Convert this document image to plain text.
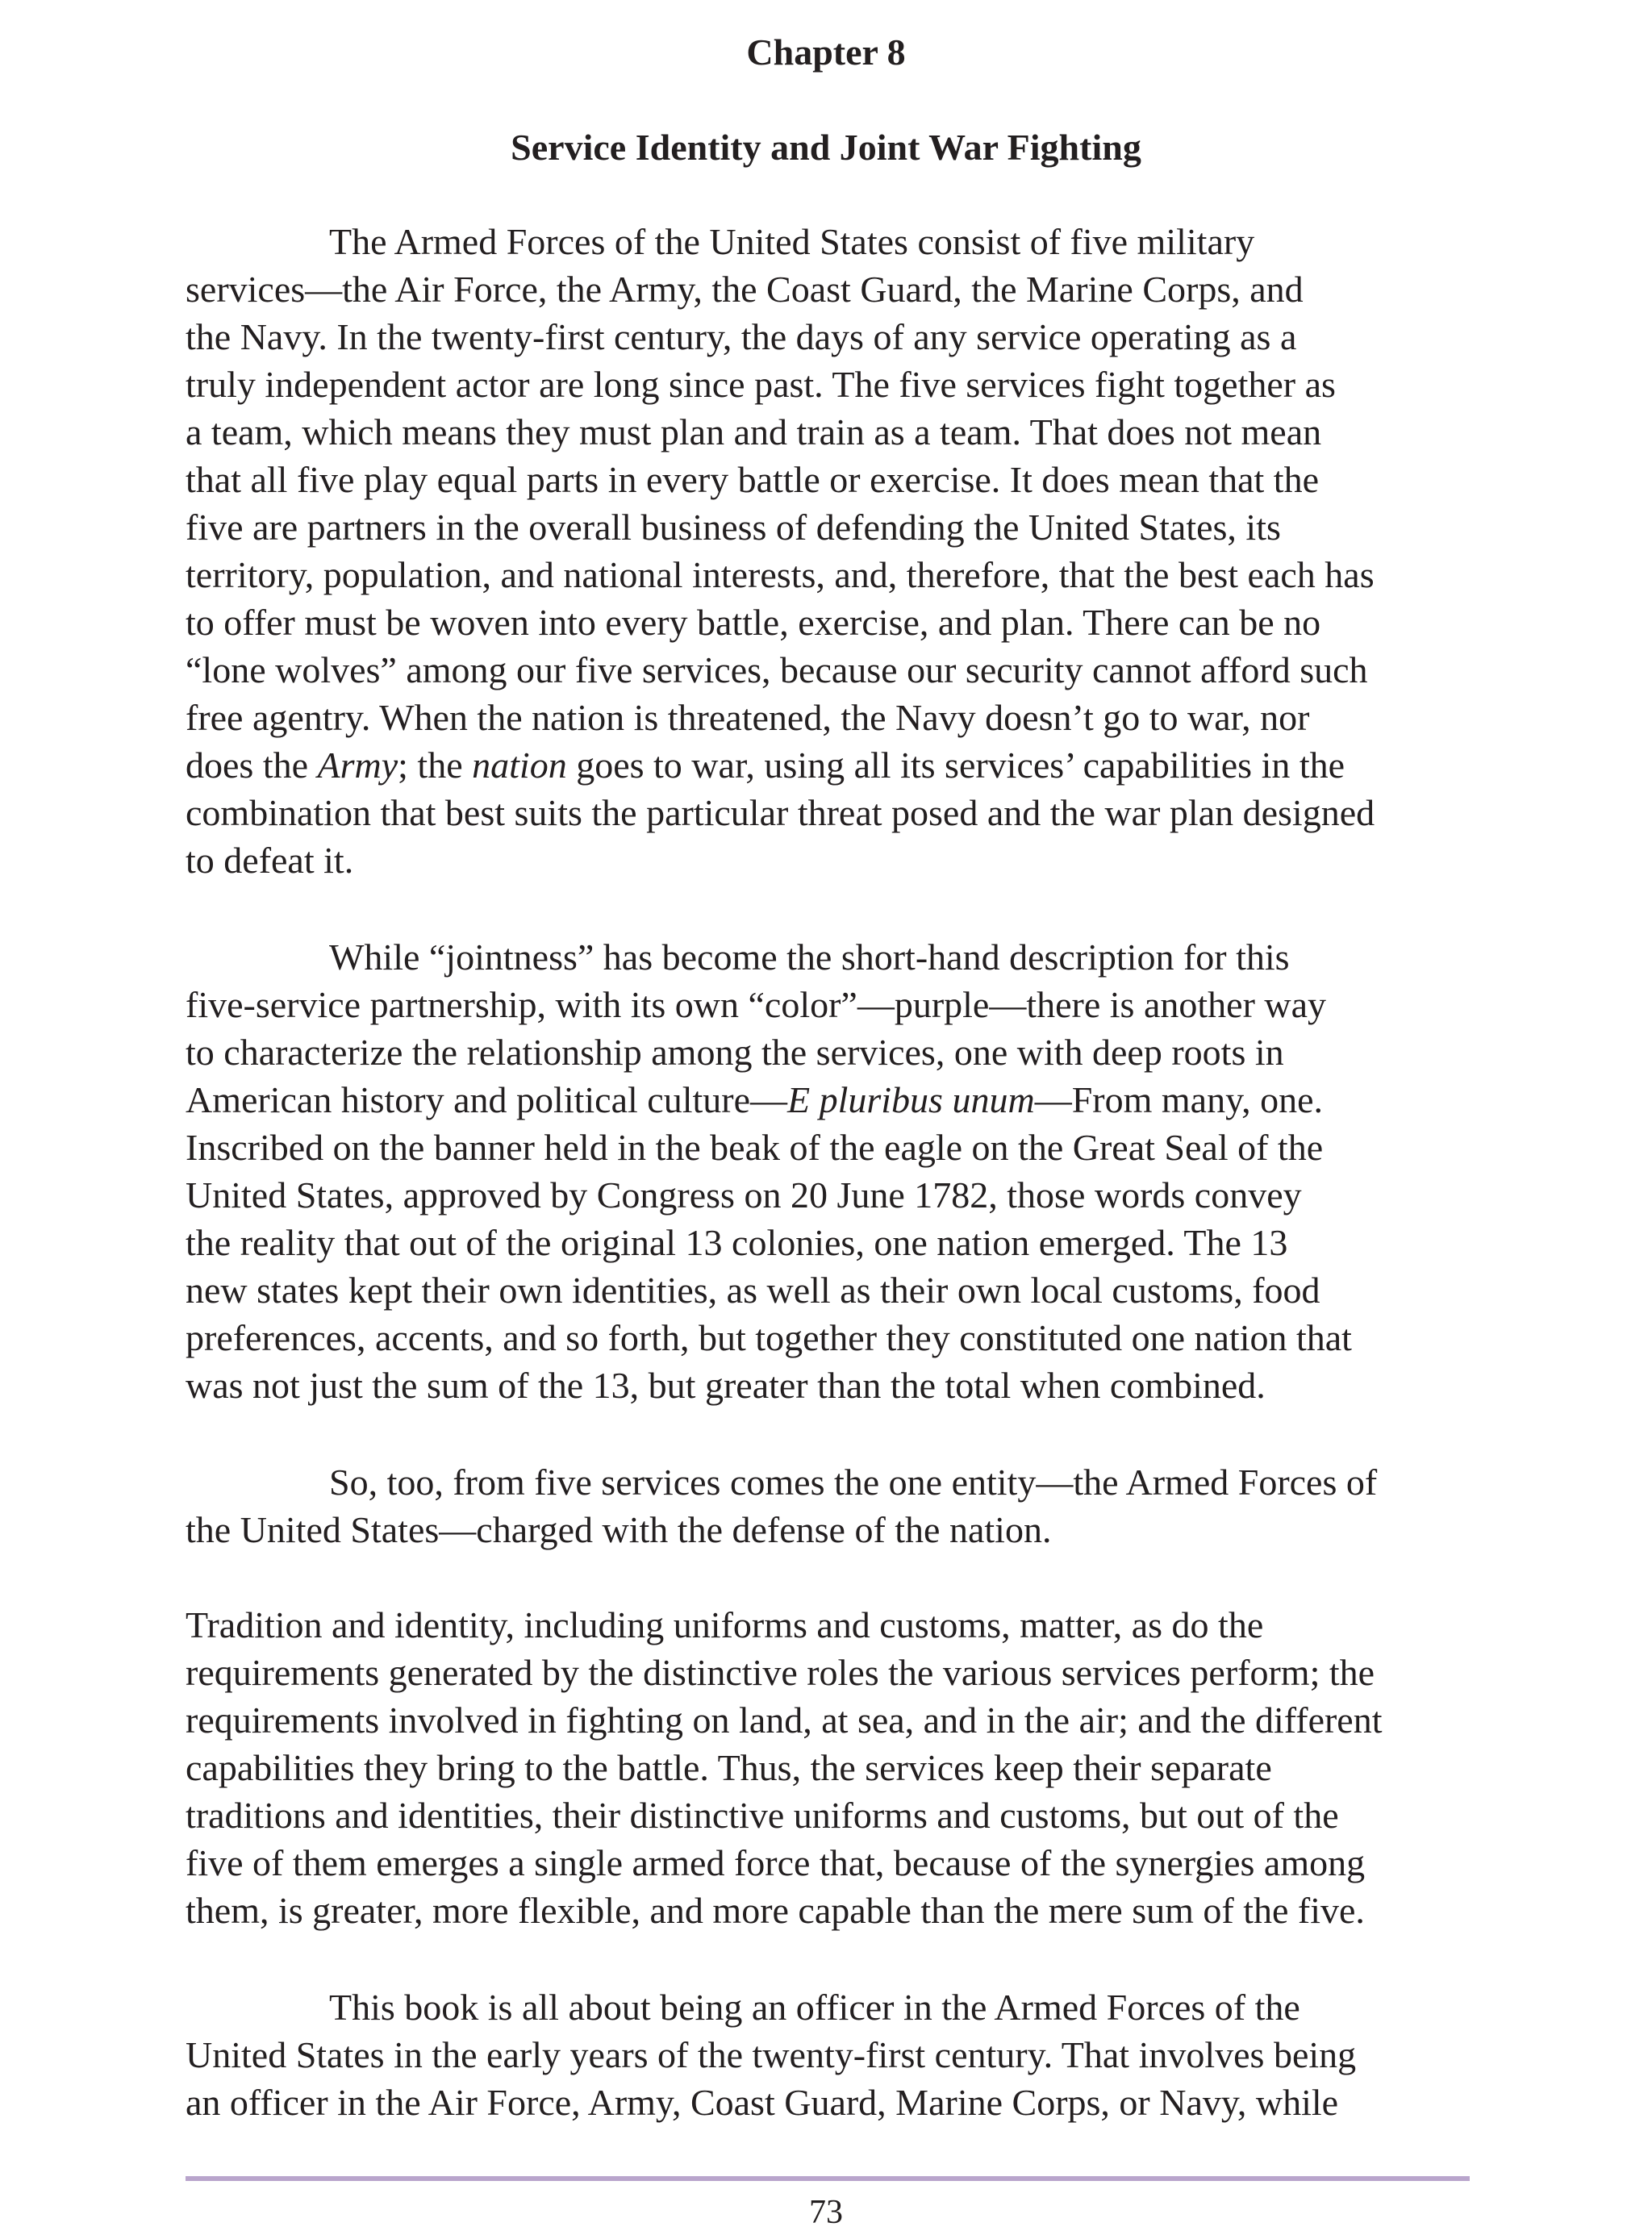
Chapter 8
Service Identity and Joint War Fighting
The Armed Forces of the United States consist of five military
services—the Air Force, the Army, the Coast Guard, the Marine Corps, and
the Navy. In the twenty-first century, the days of any service operating as a
truly independent actor are long since past. The five services fight together as
a team, which means they must plan and train as a team. That does not mean
that all five play equal parts in every battle or exercise. It does mean that the
five are partners in the overall business of defending the United States, its
territory, population, and national interests, and, therefore, that the best each has
to offer must be woven into every battle, exercise, and plan. There can be no
“lone wolves” among our five services, because our security cannot afford such
free agentry. When the nation is threatened, the Navy doesn’t go to war, nor
does the Army; the nation goes to war, using all its services’ capabilities in the
combination that best suits the particular threat posed and the war plan designed
to defeat it.
While “jointness” has become the short-hand description for this
five-service partnership, with its own “color”—purple—there is another way
to characterize the relationship among the services, one with deep roots in
American history and political culture—E pluribus unum—From many, one.
Inscribed on the banner held in the beak of the eagle on the Great Seal of the
United States, approved by Congress on 20 June 1782, those words convey
the reality that out of the original 13 colonies, one nation emerged. The 13
new states kept their own identities, as well as their own local customs, food
preferences, accents, and so forth, but together they constituted one nation that
was not just the sum of the 13, but greater than the total when combined.
So, too, from five services comes the one entity—the Armed Forces of
the United States—charged with the defense of the nation.
Tradition and identity, including uniforms and customs, matter, as do the
requirements generated by the distinctive roles the various services perform; the
requirements involved in fighting on land, at sea, and in the air; and the different
capabilities they bring to the battle. Thus, the services keep their separate
traditions and identities, their distinctive uniforms and customs, but out of the
five of them emerges a single armed force that, because of the synergies among
them, is greater, more flexible, and more capable than the mere sum of the five.
This book is all about being an officer in the Armed Forces of the
United States in the early years of the twenty-first century. That involves being
an officer in the Air Force, Army, Coast Guard, Marine Corps, or Navy, while
73
